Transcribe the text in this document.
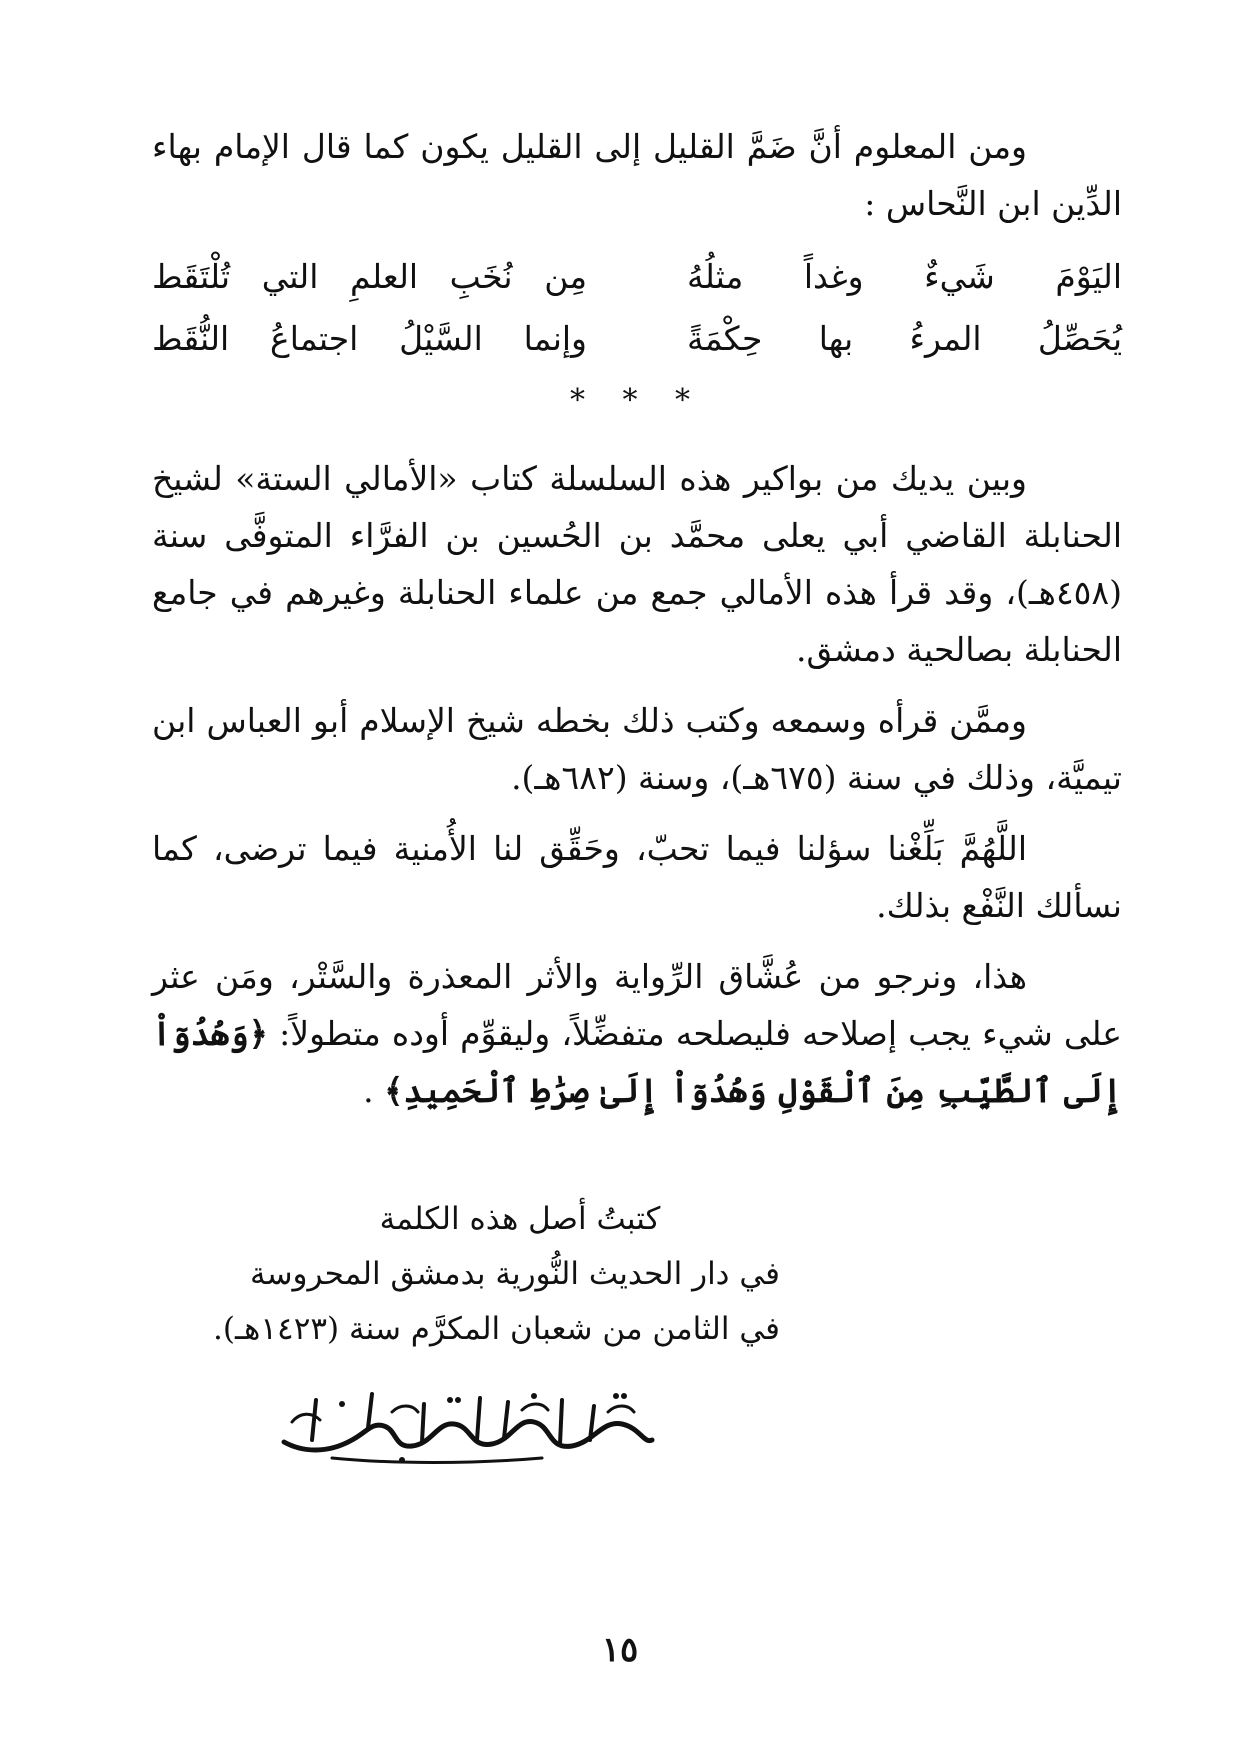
ومن المعلوم أنَّ ضَمَّ القليل إلى القليل يكون كما قال الإمام بهاء الدِّين ابن النَّحاس :

اليَوْمَ شَيءٌ وغداً مثلُهُ
مِن نُخَبِ العلمِ التي تُلْتَقَط
يُحَصِّلُ المرءُ بها حِكْمَةً
وإنما السَّيْلُ اجتماعُ النُّقَط
* * *

وبين يديك من بواكير هذه السلسلة كتاب «الأمالي الستة» لشيخ الحنابلة القاضي أبي يعلى محمَّد بن الحُسين بن الفرَّاء المتوفَّى سنة (٤٥٨هـ)، وقد قرأ هذه الأمالي جمع من علماء الحنابلة وغيرهم في جامع الحنابلة بصالحية دمشق.

وممَّن قرأه وسمعه وكتب ذلك بخطه شيخ الإسلام أبو العباس ابن تيميَّة، وذلك في سنة (٦٧٥هـ)، وسنة (٦٨٢هـ).

اللَّهُمَّ بَلِّغْنا سؤلنا فيما تحبّ، وحَقِّق لنا الأُمنية فيما ترضى، كما نسألك النَّفْع بذلك.

هذا، ونرجو من عُشَّاق الرِّواية والأثر المعذرة والسَّتْر، ومَن عثر على شيء يجب إصلاحه فليصلحه متفضِّلاً، وليقوِّم أوده متطولاً: ﴿وَهُدُوٓاْ إِلَى ٱلطَّيِّبِ مِنَ ٱلْقَوْلِ وَهُدُوٓاْ إِلَىٰ صِرَٰطِ ٱلْحَمِيدِ﴾ .

كتبتُ أصل هذه الكلمة
في دار الحديث النُّورية بدمشق المحروسة
في الثامن من شعبان المكرَّم سنة (١٤٢٣هـ).
١٥
